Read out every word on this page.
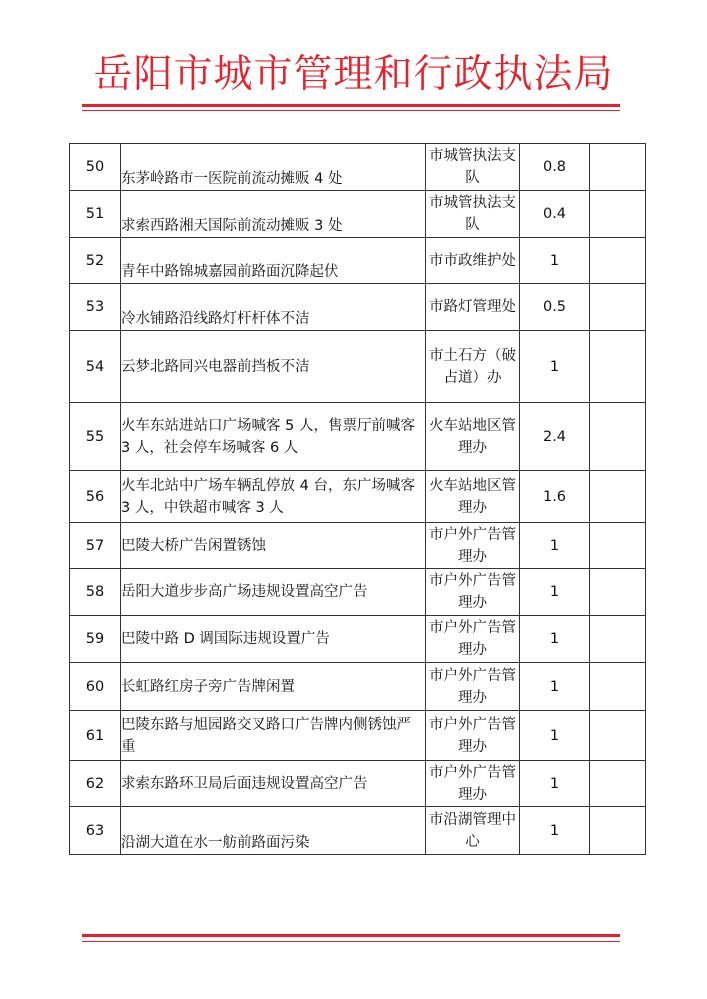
岳阳市城市管理和行政执法局
50	东茅岭路市一医院前流动摊贩 4 处	市城管执法支队	0.8	
51	求索西路湘天国际前流动摊贩 3 处	市城管执法支队	0.4	
52	青年中路锦城嘉园前路面沉降起伏	市市政维护处	1	
53	冷水铺路沿线路灯杆杆体不洁	市路灯管理处	0.5	
54	云梦北路同兴电器前挡板不洁	市土石方（破占道）办	1	
55	火车东站进站口广场喊客 5 人，售票厅前喊客 3 人，社会停车场喊客 6 人	火车站地区管理办	2.4	
56	火车北站中广场车辆乱停放 4 台，东广场喊客 3 人，中铁超市喊客 3 人	火车站地区管理办	1.6	
57	巴陵大桥广告闲置锈蚀	市户外广告管理办	1	
58	岳阳大道步步高广场违规设置高空广告	市户外广告管理办	1	
59	巴陵中路 D 调国际违规设置广告	市户外广告管理办	1	
60	长虹路红房子旁广告牌闲置	市户外广告管理办	1	
61	巴陵东路与旭园路交叉路口广告牌内侧锈蚀严重	市户外广告管理办	1	
62	求索东路环卫局后面违规设置高空广告	市户外广告管理办	1	
63	沿湖大道在水一舫前路面污染	市沿湖管理中心	1	
